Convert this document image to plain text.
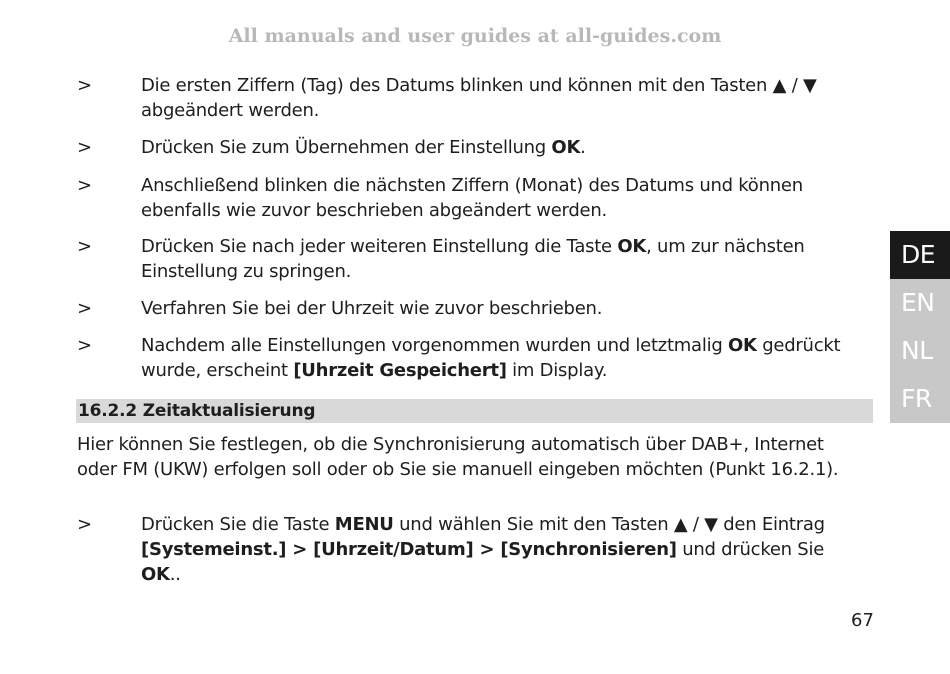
All manuals and user guides at all-guides.com
>	Die ersten Ziffern (Tag) des Datums blinken und können mit den Tasten ▲ / ▼ abgeändert werden.
>	Drücken Sie zum Übernehmen der Einstellung OK.
>	Anschließend blinken die nächsten Ziffern (Monat) des Datums und können ebenfalls wie zuvor beschrieben abgeändert werden.
>	Drücken Sie nach jeder weiteren Einstellung die Taste OK, um zur nächsten Einstellung zu springen.
>	Verfahren Sie bei der Uhrzeit wie zuvor beschrieben.
>	Nachdem alle Einstellungen vorgenommen wurden und letztmalig OK gedrückt wurde, erscheint [Uhrzeit Gespeichert] im Display.
16.2.2 Zeitaktualisierung
Hier können Sie festlegen, ob die Synchronisierung automatisch über DAB+, Internet oder FM (UKW) erfolgen soll oder ob Sie sie manuell eingeben möchten (Punkt 16.2.1).
>	Drücken Sie die Taste MENU und wählen Sie mit den Tasten ▲ / ▼ den Eintrag [Systemeinst.] > [Uhrzeit/Datum] > [Synchronisieren] und drücken Sie OK..
67
DE
EN
NL
FR
